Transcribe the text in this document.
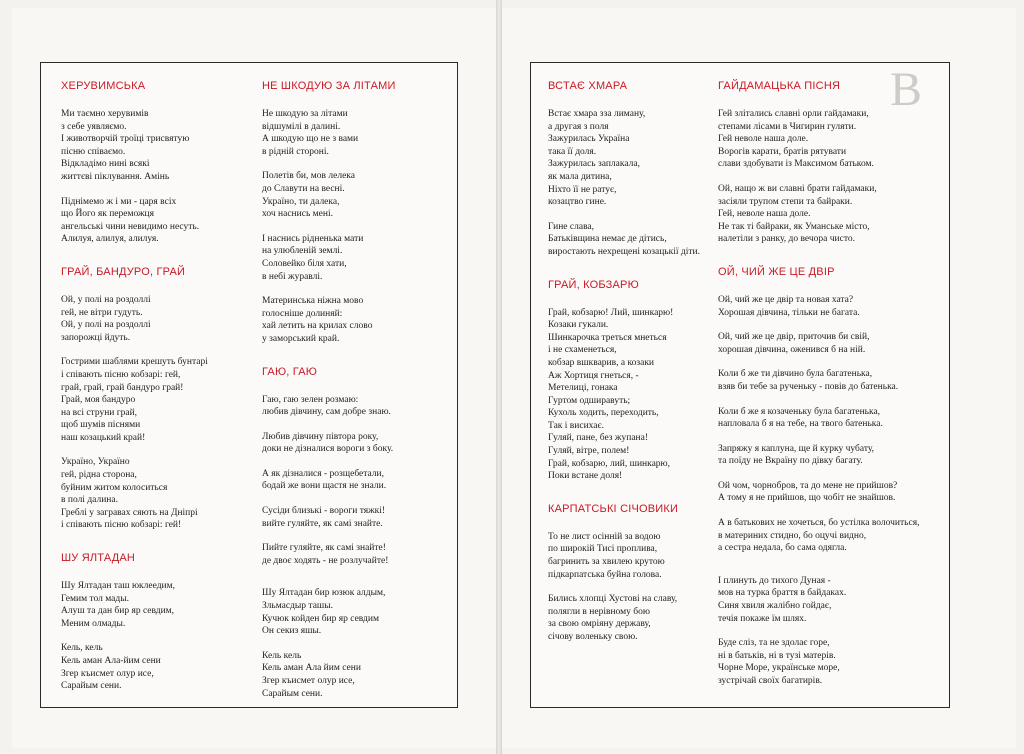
В
ХЕРУВИМСЬКА
Ми таємно херувимів
з себе уявляємо.
І животворчій троїці трисвятую
пісню співаємо.
Відкладімо нині всякі
життєві піклування. Амінь
Піднімемо ж і ми - царя всіх
що Його як переможця
ангельські чини невидимо несуть.
Алилуя, алилуя, алилуя.
ГРАЙ, БАНДУРО, ГРАЙ
Ой, у полі на роздоллі
гей, не вітри гудуть.
Ой, у полі на роздоллі
запорожці йдуть.
Гострими шаблями крешуть бунтарі
і співають пісню кобзарі: гей,
грай, грай, грай бандуро грай!
Грай, моя бандуро
на всі струни грай,
щоб шумів піснями
наш козацький край!
Україно, Україно
гей, рідна сторона,
буйним житом колоситься
в полі далина.
Греблі у загравах сяють на Дніпрі
і співають пісню кобзарі: гей!
ШУ ЯЛТАДАН
Шу Ялтадан таш юклеедим,
Гемим тол мады.
Алуш та дан бир яр севдим,
Меним олмады.
Кель, кель
Кель аман Ала-йим сени
Згер къисмет олур исе,
Сарайым сени.
НЕ ШКОДУЮ ЗА ЛІТАМИ
Не шкодую за літами
відшумілі в далині.
А шкодую що не з вами
в рідній стороні.
Полетів би, мов лелека
до Славути на весні.
Україно, ти далека,
хоч наснись мені.
І наснись рідненька мати
на улюбленій землі.
Соловейко біля хати,
в небі журавлі.
Материнська ніжна мово
голосніше долиняй:
хай летить на крилах слово
у заморський край.
ГАЮ, ГАЮ
Гаю, гаю зелен розмаю:
любив дівчину, сам добре знаю.
Любив дівчину півтора року,
доки не дізналися вороги з боку.
А як дізналися - розщебетали,
бодай же вони щастя не знали.
Сусіди близькі - вороги тяжкі!
вийте гуляйте, як самі знайте.
Пийте гуляйте, як самі знайте!
де двоє ходять - не розлучайте!
Шу Ялтадан бир юзюк алдым,
Зльмасдыр ташы.
Кучюк койден бир яр севдим
Он секиз яшы.
Кель кель
Кель аман Ала йим сени
Згер къисмет олур исе,
Сарайым сени.
ВСТАЄ ХМАРА
Встає хмара зза лиману,
а другая з поля
Зажурилась Україна
така її доля.
Зажурилась заплакала,
як мала дитина,
Ніхто її не ратує,
козацтво гине.
Гине слава,
Батьківщина немає де дітись,
виростають нехрещені козацькії діти.
ГРАЙ, КОБЗАРЮ
Грай, кобзарю! Лий, шинкарю!
Козаки гукали.
Шинкарочка треться мнеться
і не схаменеться,
кобзар вшкварив, а козаки
Аж Хортиця гнеться, -
Метелиці, гонака
Гуртом одширавуть;
Кухоль ходить, переходить,
Так і висихає.
Гуляй, пане, без жупана!
Гуляй, вітре, полем!
Грай, кобзарю, лий, шинкарю,
Поки встане доля!
КАРПАТСЬКІ СІЧОВИКИ
То не лист осінній за водою
по широкій Тисі проплива,
багринить за хвилею крутою
підкарпатська буйна голова.
Бились хлопці Хустові на славу,
полягли в нерівному бою
за свою омріяну державу,
січову воленьку свою.
ГАЙДАМАЦЬКА ПІСНЯ
Гей злітались славні орли гайдамаки,
степами лісами в Чигирин гуляти.
Гей неволе наша доле.
Ворогів карати, братів рятувати
слави здобувати із Максимом батьком.
Ой, нащо ж ви славні брати гайдамаки,
засіяли трупом степи та байраки.
Гей, неволе наша доле.
Не так ті байраки, як Уманське місто,
налетіли з ранку, до вечора чисто.
ОЙ, ЧИЙ ЖЕ ЦЕ ДВІР
Ой, чий же це двір та новая хата?
Хорошая дівчина, тільки не багата.
Ой, чий же це двір, приточив би свій,
хорошая дівчина, оженився б на ній.
Коли б же ти дівчино була багатенька,
взяв би тебе за рученьку - повів до батенька.
Коли б же я козаченьку була багатенька,
напловала б я на тебе, на твого батенька.
Запряжу я каплуна, ще й курку чубату,
та поїду не Вкраїну по дівку багату.
Ой чом, чорнобров, та до мене не прийшов?
А тому я не прийшов, що чобіт не знайшов.
А в батькових не хочеться, бо устілка волочиться,
в материних стидно, бо оцучі видно,
а сестра недала, бо сама одягла.
І плинуть до тихого Дуная -
мов на турка браття в байдаках.
Синя хвиля жалібно гойдає,
течія покаже їм шлях.
Буде сліз, та не здолає горе,
ні в батьків, ні в тузі матерів.
Чорне Море, українське море,
зустрічай своїх багатирів.
